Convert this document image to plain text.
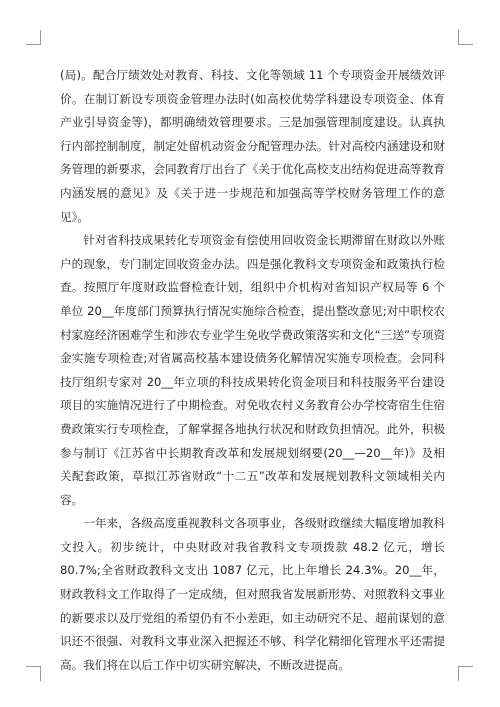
(局)。配合厅绩效处对教育、科技、文化等领域 11 个专项资金开展绩效评价。在制订新设专项资金管理办法时(如高校优势学科建设专项资金、体育产业引导资金等)，都明确绩效管理要求。三是加强管理制度建设。认真执行内部控制制度，制定处留机动资金分配管理办法。针对高校内涵建设和财务管理的新要求，会同教育厅出台了《关于优化高校支出结构促进高等教育内涵发展的意见》及《关于进一步规范和加强高等学校财务管理工作的意见》。

针对省科技成果转化专项资金有偿使用回收资金长期滞留在财政以外账户的现象，专门制定回收资金办法。四是强化教科文专项资金和政策执行检查。按照厅年度财政监督检查计划，组织中介机构对省知识产权局等 6 个单位 20__年度部门预算执行情况实施综合检查，提出整改意见;对中职校农村家庭经济困难学生和涉农专业学生免收学费政策落实和文化“三送”专项资金实施专项检查;对省属高校基本建设债务化解情况实施专项检查。会同科技厅组织专家对 20__年立项的科技成果转化资金项目和科技服务平台建设项目的实施情况进行了中期检查。对免收农村义务教育公办学校寄宿生住宿费政策实行专项检查，了解掌握各地执行状况和财政负担情况。此外，积极参与制订《江苏省中长期教育改革和发展规划纲要(20__—20__年)》及相关配套政策，草拟江苏省财政“十二五”改革和发展规划教科文领域相关内容。

一年来，各级高度重视教科文各项事业，各级财政继续大幅度增加教科文投入。初步统计，中央财政对我省教科文专项拨款 48.2 亿元，增长 80.7%;全省财政教科文支出 1087 亿元，比上年增长 24.3%。20__年，财政教科文工作取得了一定成绩，但对照我省发展新形势、对照教科文事业的新要求以及厅党组的希望仍有不小差距，如主动研究不足、超前谋划的意识还不很强、对教科文事业深入把握还不够、科学化精细化管理水平还需提高。我们将在以后工作中切实研究解决，不断改进提高。
